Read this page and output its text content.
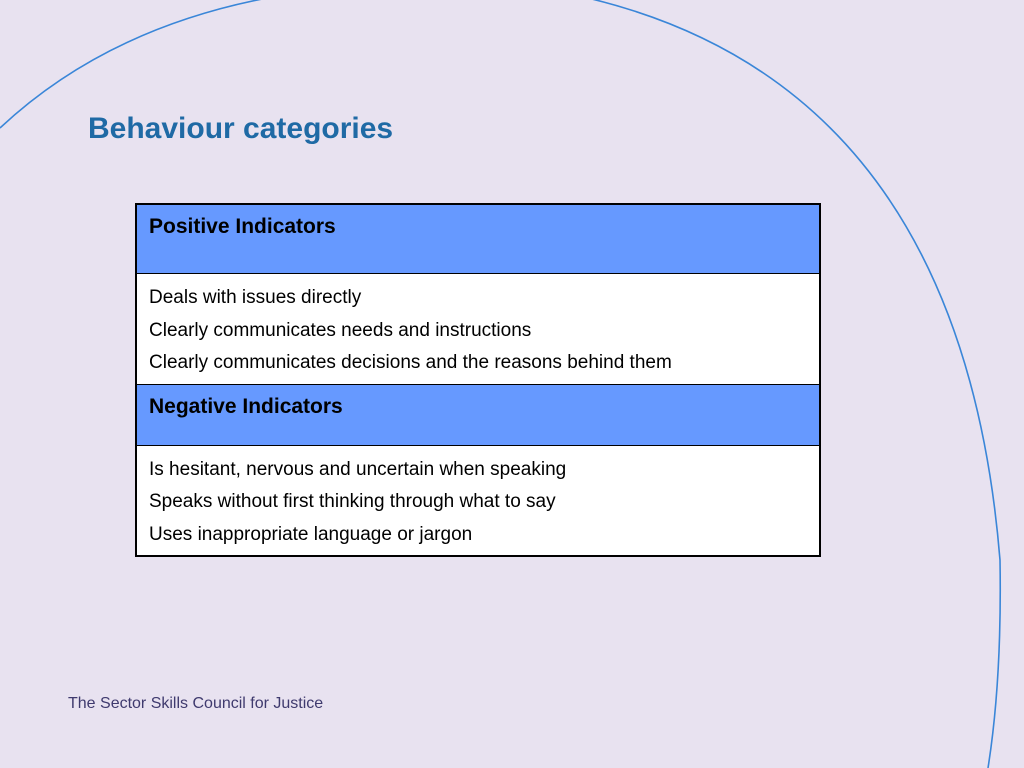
Behaviour categories
Positive Indicators

Deals with issues directly
Clearly communicates needs and instructions
Clearly communicates decisions and the reasons behind them

Negative Indicators

Is hesitant, nervous and uncertain when speaking
Speaks without first thinking through what to say
Uses inappropriate language or jargon
The Sector Skills Council for Justice
